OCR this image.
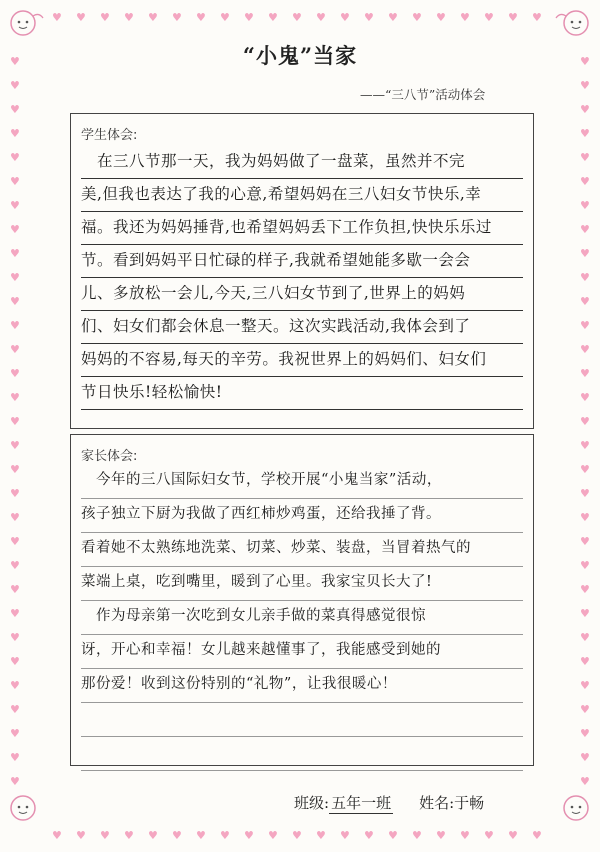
♥
♥
♥
♥
♥
♥
♥
♥
♥
♥
♥
♥
♥
♥
♥
♥
♥
♥
♥
♥
♥
♥
♥
♥
♥
♥
♥
♥
♥
♥
♥
♥
♥
♥
♥
♥
♥
♥
♥
♥
♥
♥
♥	♥
♥	♥
♥	♥
♥	♥
♥	♥
♥	♥
♥	♥
♥	♥
♥	♥
♥	♥
♥	♥
♥	♥
♥	♥
♥	♥
♥	♥
♥	♥
♥	♥
♥	♥
♥	♥
♥	♥
♥	♥
♥	♥
♥	♥
♥	♥
♥	♥
♥	♥
♥	♥
♥	♥
♥	♥
♥	♥
♥	♥
“小鬼”当家
——“三八节”活动体会
学生体会:
　在三八节那一天，我为妈妈做了一盘菜，虽然并不完
美,但我也表达了我的心意,希望妈妈在三八妇女节快乐,幸
福。我还为妈妈捶背,也希望妈妈丢下工作负担,快快乐乐过
节。看到妈妈平日忙碌的样子,我就希望她能多歇一会会
儿、多放松一会儿,今天,三八妇女节到了,世界上的妈妈
们、妇女们都会休息一整天。这次实践活动,我体会到了
妈妈的不容易,每天的辛劳。我祝世界上的妈妈们、妇女们
节日快乐!轻松愉快!
家长体会:
　今年的三八国际妇女节，学校开展“小鬼当家”活动，
孩子独立下厨为我做了西红柿炒鸡蛋，还给我捶了背。
看着她不太熟练地洗菜、切菜、炒菜、装盘，当冒着热气的
菜端上桌，吃到嘴里，暖到了心里。我家宝贝长大了!
　作为母亲第一次吃到女儿亲手做的菜真得感觉很惊
讶，开心和幸福！女儿越来越懂事了，我能感受到她的
那份爱！收到这份特别的“礼物”，让我很暖心！
班级: 五年一班 姓名:于畅
